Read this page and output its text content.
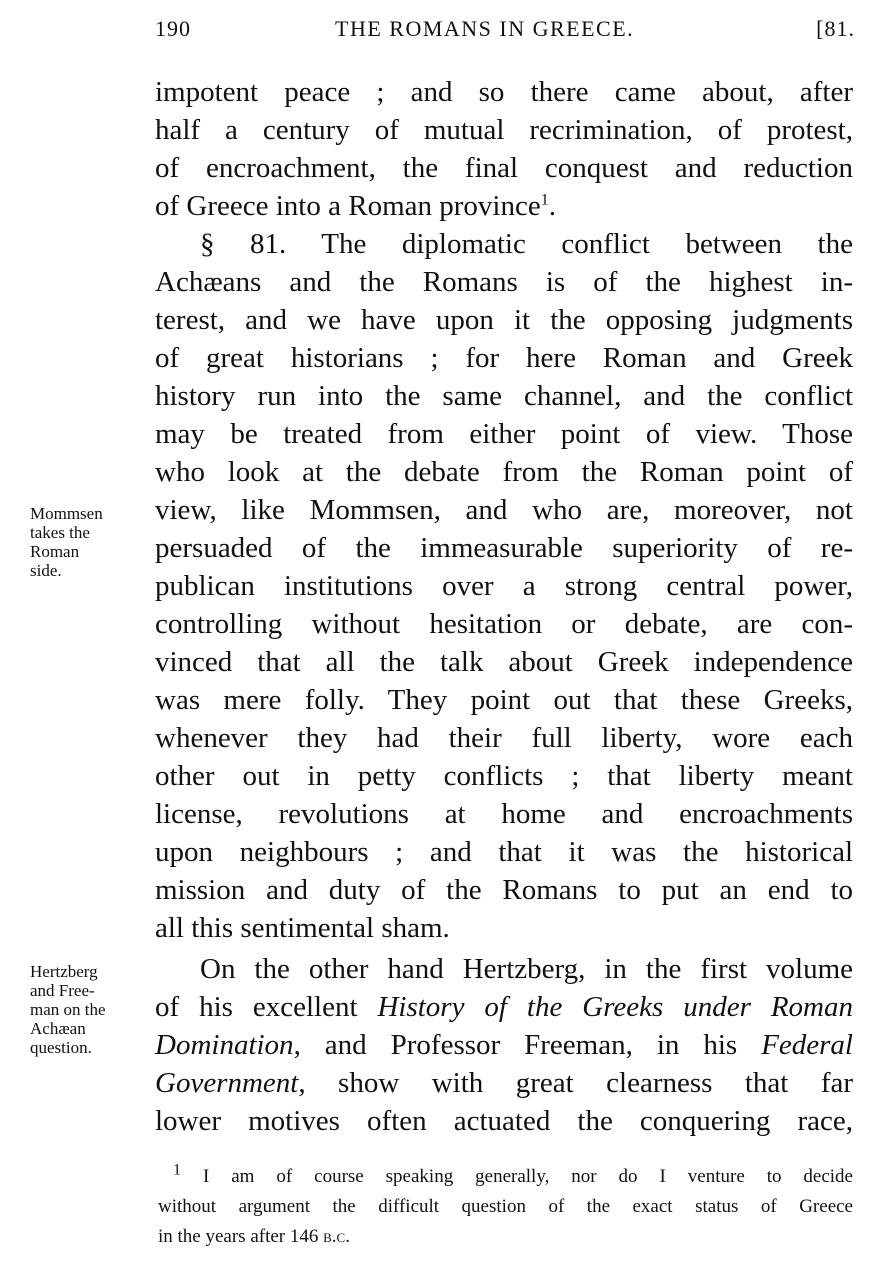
190	THE ROMANS IN GREECE.	[81.
impotent peace ; and so there came about, after
half a century of mutual recrimination, of protest,
of encroachment, the final conquest and reduction
of Greece into a Roman province$^1$.
§ 81. The diplomatic conflict between the
Achæans and the Romans is of the highest in-
terest, and we have upon it the opposing judgments
of great historians ; for here Roman and Greek
history run into the same channel, and the conflict
may be treated from either point of view. Those
who look at the debate from the Roman point of
view, like Mommsen, and who are, moreover, not
persuaded of the immeasurable superiority of re-
publican institutions over a strong central power,
controlling without hesitation or debate, are con-
vinced that all the talk about Greek independence
was mere folly. They point out that these Greeks,
whenever they had their full liberty, wore each
other out in petty conflicts ; that liberty meant
license, revolutions at home and encroachments
upon neighbours ; and that it was the historical
mission and duty of the Romans to put an end to
all this sentimental sham.
On the other hand Hertzberg, in the first volume
of his excellent History of the Greeks under Roman
Domination, and Professor Freeman, in his Federal
Government, show with great clearness that far
lower motives often actuated the conquering race,
Mommsen
takes the
Roman
side.
Hertzberg
and Free-
man on the
Achæan
question.
$^1$ I am of course speaking generally, nor do I venture to decide
without argument the difficult question of the exact status of Greece
in the years after 146 b.c.
